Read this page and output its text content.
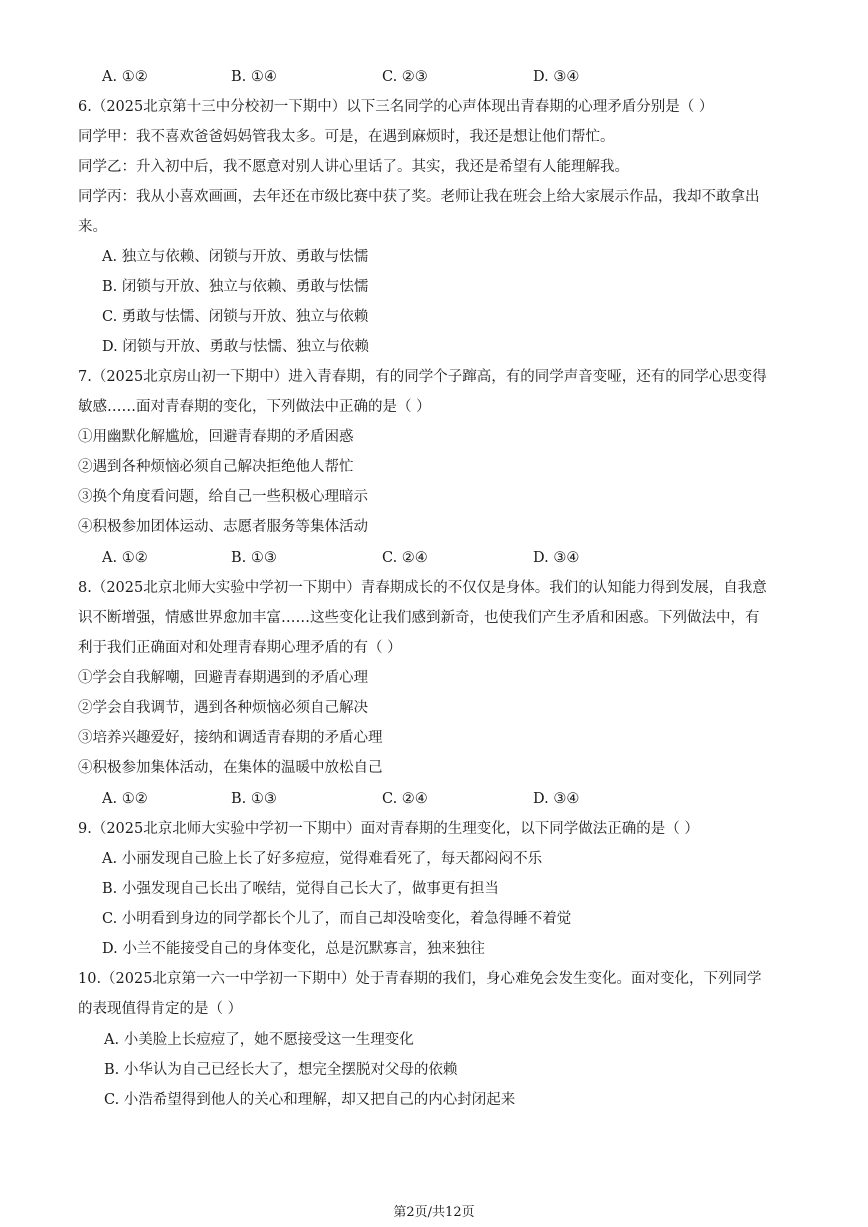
A. ①②	B. ①④	C. ②③	D. ③④
6.（2025北京第十三中分校初一下期中）以下三名同学的心声体现出青春期的心理矛盾分别是（ ）
同学甲：我不喜欢爸爸妈妈管我太多。可是，在遇到麻烦时，我还是想让他们帮忙。
同学乙：升入初中后，我不愿意对别人讲心里话了。其实，我还是希望有人能理解我。
同学丙：我从小喜欢画画，去年还在市级比赛中获了奖。老师让我在班会上给大家展示作品，我却不敢拿出
来。
A. 独立与依赖、闭锁与开放、勇敢与怯懦
B. 闭锁与开放、独立与依赖、勇敢与怯懦
C. 勇敢与怯懦、闭锁与开放、独立与依赖
D. 闭锁与开放、勇敢与怯懦、独立与依赖
7.（2025北京房山初一下期中）进入青春期，有的同学个子蹿高，有的同学声音变哑，还有的同学心思变得
敏感……面对青春期的变化，下列做法中正确的是（ ）
①用幽默化解尴尬，回避青春期的矛盾困惑
②遇到各种烦恼必须自己解决拒绝他人帮忙
③换个角度看问题，给自己一些积极心理暗示
④积极参加团体运动、志愿者服务等集体活动
A. ①②	B. ①③	C. ②④	D. ③④
8.（2025北京北师大实验中学初一下期中）青春期成长的不仅仅是身体。我们的认知能力得到发展，自我意
识不断增强，情感世界愈加丰富……这些变化让我们感到新奇，也使我们产生矛盾和困惑。下列做法中，有
利于我们正确面对和处理青春期心理矛盾的有（ ）
①学会自我解嘲，回避青春期遇到的矛盾心理
②学会自我调节，遇到各种烦恼必须自己解决
③培养兴趣爱好，接纳和调适青春期的矛盾心理
④积极参加集体活动，在集体的温暖中放松自己
A. ①②	B. ①③	C. ②④	D. ③④
9.（2025北京北师大实验中学初一下期中）面对青春期的生理变化，以下同学做法正确的是（ ）
A. 小丽发现自己脸上长了好多痘痘，觉得难看死了，每天都闷闷不乐
B. 小强发现自己长出了喉结，觉得自己长大了，做事更有担当
C. 小明看到身边的同学都长个儿了，而自己却没啥变化，着急得睡不着觉
D. 小兰不能接受自己的身体变化，总是沉默寡言，独来独往
10.（2025北京第一六一中学初一下期中）处于青春期的我们，身心难免会发生变化。面对变化，下列同学
的表现值得肯定的是（ ）
A. 小美脸上长痘痘了，她不愿接受这一生理变化
B. 小华认为自己已经长大了，想完全摆脱对父母的依赖
C. 小浩希望得到他人的关心和理解，却又把自己的内心封闭起来
第2页/共12页
